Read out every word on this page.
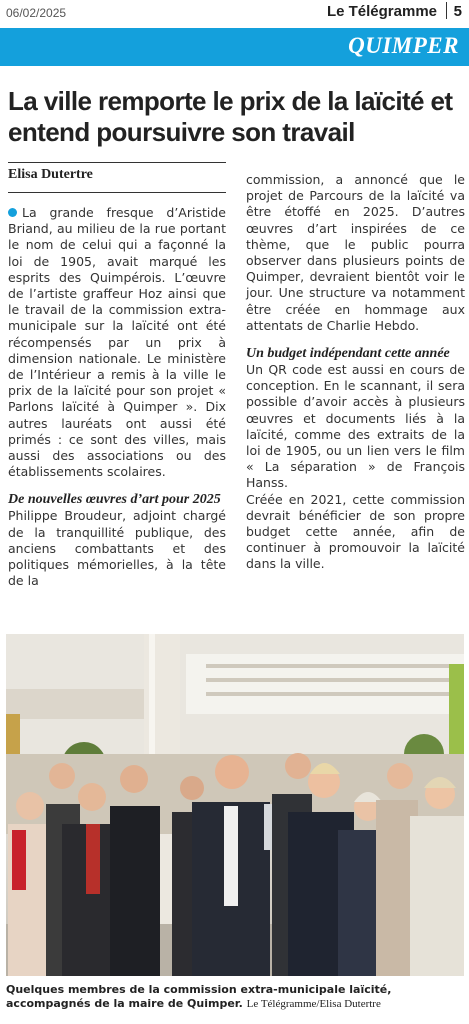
06/02/2025	Le Télégramme 5
QUIMPER
La ville remporte le prix de la laïcité et entend poursuivre son travail
Elisa Dutertre

La grande fresque d’Aristide Briand, au milieu de la rue portant le nom de celui qui a façonné la loi de 1905, avait marqué les esprits des Quimpérois. L’œuvre de l’artiste graffeur Hoz ainsi que le travail de la commission extra-municipale sur la laïcité ont été récompensés par un prix à dimension nationale. Le ministère de l’Intérieur a remis à la ville le prix de la laïcité pour son projet « Parlons laïcité à Quimper ». Dix autres lauréats ont aussi été primés : ce sont des villes, mais aussi des associations ou des établissements scolaires.

De nouvelles œuvres d’art pour 2025

Philippe Broudeur, adjoint chargé de la tranquillité publique, des anciens combattants et des politiques mémorielles, à la tête de la

commission, a annoncé que le projet de Parcours de la laïcité va être étoffé en 2025. D’autres œuvres d’art inspirées de ce thème, que le public pourra observer dans plusieurs points de Quimper, devraient bientôt voir le jour. Une structure va notamment être créée en hommage aux attentats de Charlie Hebdo.

Un budget indépendant cette année

Un QR code est aussi en cours de conception. En le scannant, il sera possible d’avoir accès à plusieurs œuvres et documents liés à la laïcité, comme des extraits de la loi de 1905, ou un lien vers le film « La séparation » de François Hanss.

Créée en 2021, cette commission devrait bénéficier de son propre budget cette année, afin de continuer à promouvoir la laïcité dans la ville.

Quelques membres de la commission extra-municipale laïcité, accompagnés de la maire de Quimper. Le Télégramme/Elisa Dutertre
